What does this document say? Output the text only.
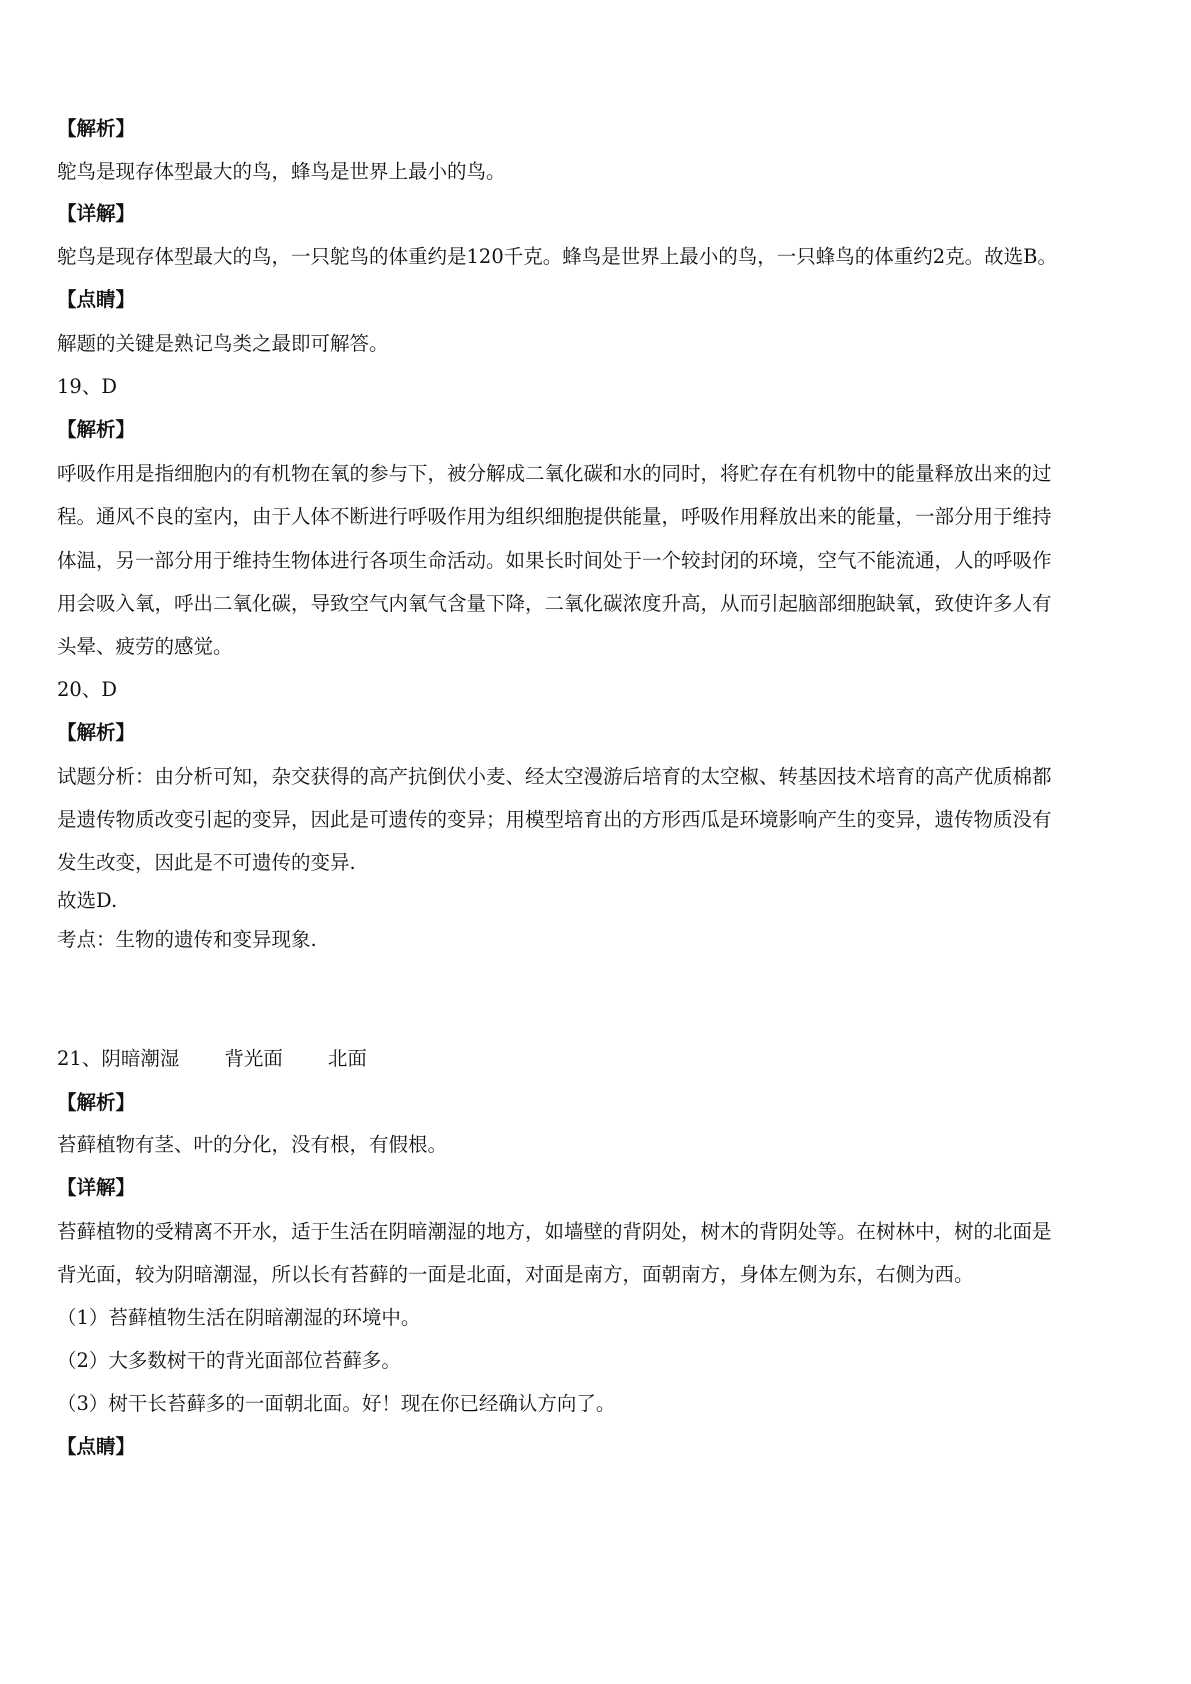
【解析】
鸵鸟是现存体型最大的鸟，蜂鸟是世界上最小的鸟。
【详解】
鸵鸟是现存体型最大的鸟，一只鸵鸟的体重约是120千克。蜂鸟是世界上最小的鸟，一只蜂鸟的体重约2克。故选B。
【点睛】
解题的关键是熟记鸟类之最即可解答。
19、D
【解析】
呼吸作用是指细胞内的有机物在氧的参与下，被分解成二氧化碳和水的同时，将贮存在有机物中的能量释放出来的过
程。通风不良的室内，由于人体不断进行呼吸作用为组织细胞提供能量，呼吸作用释放出来的能量，一部分用于维持
体温，另一部分用于维持生物体进行各项生命活动。如果长时间处于一个较封闭的环境，空气不能流通，人的呼吸作
用会吸入氧，呼出二氧化碳，导致空气内氧气含量下降，二氧化碳浓度升高，从而引起脑部细胞缺氧，致使许多人有
头晕、疲劳的感觉。
20、D
【解析】
试题分析：由分析可知，杂交获得的高产抗倒伏小麦、经太空漫游后培育的太空椒、转基因技术培育的高产优质棉都
是遗传物质改变引起的变异，因此是可遗传的变异；用模型培育出的方形西瓜是环境影响产生的变异，遗传物质没有
发生改变，因此是不可遗传的变异.
故选D.
考点：生物的遗传和变异现象.
21、阴暗潮湿 背光面 北面
【解析】
苔藓植物有茎、叶的分化，没有根，有假根。
【详解】
苔藓植物的受精离不开水，适于生活在阴暗潮湿的地方，如墙壁的背阴处，树木的背阴处等。在树林中，树的北面是
背光面，较为阴暗潮湿，所以长有苔藓的一面是北面，对面是南方，面朝南方，身体左侧为东，右侧为西。
（1）苔藓植物生活在阴暗潮湿的环境中。
（2）大多数树干的背光面部位苔藓多。
（3）树干长苔藓多的一面朝北面。好！现在你已经确认方向了。
【点睛】
